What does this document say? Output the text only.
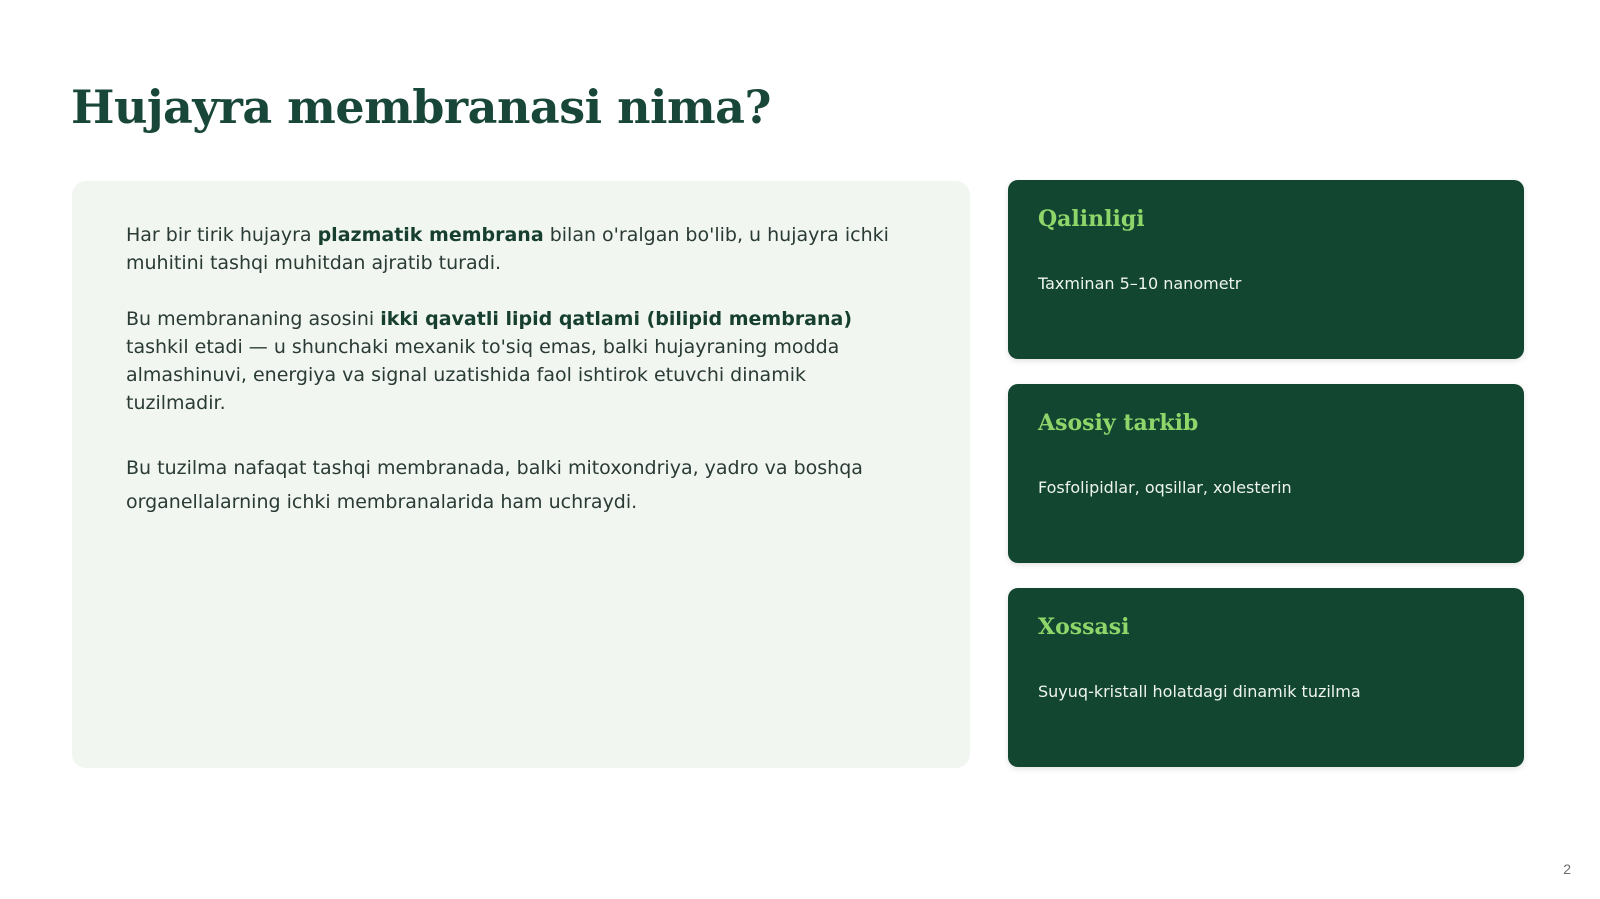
Hujayra membranasi nima?

Har bir tirik hujayra plazmatik membrana bilan o'ralgan bo'lib, u hujayra ichki muhitini tashqi muhitdan ajratib turadi.

Bu membrananing asosini ikki qavatli lipid qatlami (bilipid membrana) tashkil etadi — u shunchaki mexanik to'siq emas, balki hujayraning modda almashinuvi, energiya va signal uzatishida faol ishtirok etuvchi dinamik tuzilmadir.

Bu tuzilma nafaqat tashqi membranada, balki mitoxondriya, yadro va boshqa organellalarning ichki membranalarida ham uchraydi.

Qalinligi

Taxminan 5–10 nanometr

Asosiy tarkib

Fosfolipidlar, oqsillar, xolesterin

Xossasi

Suyuq-kristall holatdagi dinamik tuzilma

2
